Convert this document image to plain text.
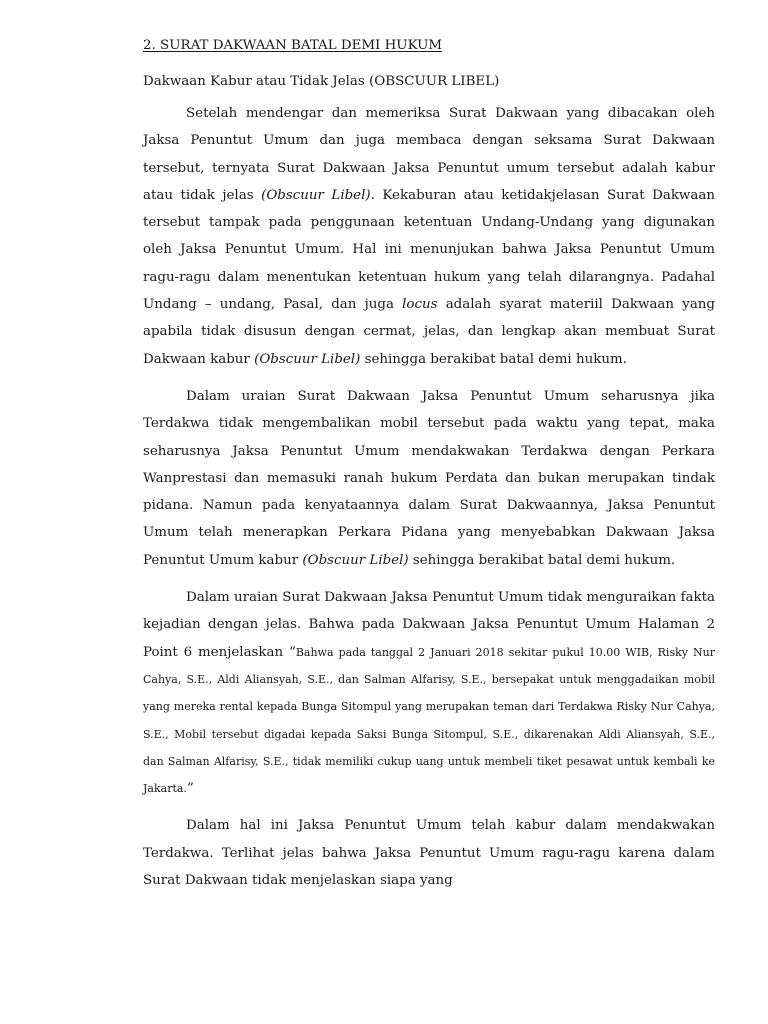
2. SURAT DAKWAAN BATAL DEMI HUKUM

Dakwaan Kabur atau Tidak Jelas (OBSCUUR LIBEL)

Setelah mendengar dan memeriksa Surat Dakwaan yang dibacakan oleh Jaksa Penuntut Umum dan juga membaca dengan seksama Surat Dakwaan tersebut, ternyata Surat Dakwaan Jaksa Penuntut umum tersebut adalah kabur atau tidak jelas (Obscuur Libel). Kekaburan atau ketidakjelasan Surat Dakwaan tersebut tampak pada penggunaan ketentuan Undang-Undang yang digunakan oleh Jaksa Penuntut Umum. Hal ini menunjukan bahwa Jaksa Penuntut Umum ragu-ragu dalam menentukan ketentuan hukum yang telah dilarangnya. Padahal Undang – undang, Pasal, dan juga locus adalah syarat materiil Dakwaan yang apabila tidak disusun dengan cermat, jelas, dan lengkap akan membuat Surat Dakwaan kabur (Obscuur Libel) sehingga berakibat batal demi hukum.

Dalam uraian Surat Dakwaan Jaksa Penuntut Umum seharusnya jika Terdakwa tidak mengembalikan mobil tersebut pada waktu yang tepat, maka seharusnya Jaksa Penuntut Umum mendakwakan Terdakwa dengan Perkara Wanprestasi dan memasuki ranah hukum Perdata dan bukan merupakan tindak pidana. Namun pada kenyataannya dalam Surat Dakwaannya, Jaksa Penuntut Umum telah menerapkan Perkara Pidana yang menyebabkan Dakwaan Jaksa Penuntut Umum kabur (Obscuur Libel) sehingga berakibat batal demi hukum.

Dalam uraian Surat Dakwaan Jaksa Penuntut Umum tidak menguraikan fakta kejadian dengan jelas. Bahwa pada Dakwaan Jaksa Penuntut Umum Halaman 2 Point 6 menjelaskan “Bahwa pada tanggal 2 Januari 2018 sekitar pukul 10.00 WIB, Risky Nur Cahya, S.E., Aldi Aliansyah, S.E., dan Salman Alfarisy, S.E., bersepakat untuk menggadaikan mobil yang mereka rental kepada Bunga Sitompul yang merupakan teman dari Terdakwa Risky Nur Cahya, S.E., Mobil tersebut digadai kepada Saksi Bunga Sitompul, S.E., dikarenakan Aldi Aliansyah, S.E., dan Salman Alfarisy, S.E., tidak memiliki cukup uang untuk membeli tiket pesawat untuk kembali ke Jakarta.”

Dalam hal ini Jaksa Penuntut Umum telah kabur dalam mendakwakan Terdakwa. Terlihat jelas bahwa Jaksa Penuntut Umum ragu-ragu karena dalam Surat Dakwaan tidak menjelaskan siapa yang
